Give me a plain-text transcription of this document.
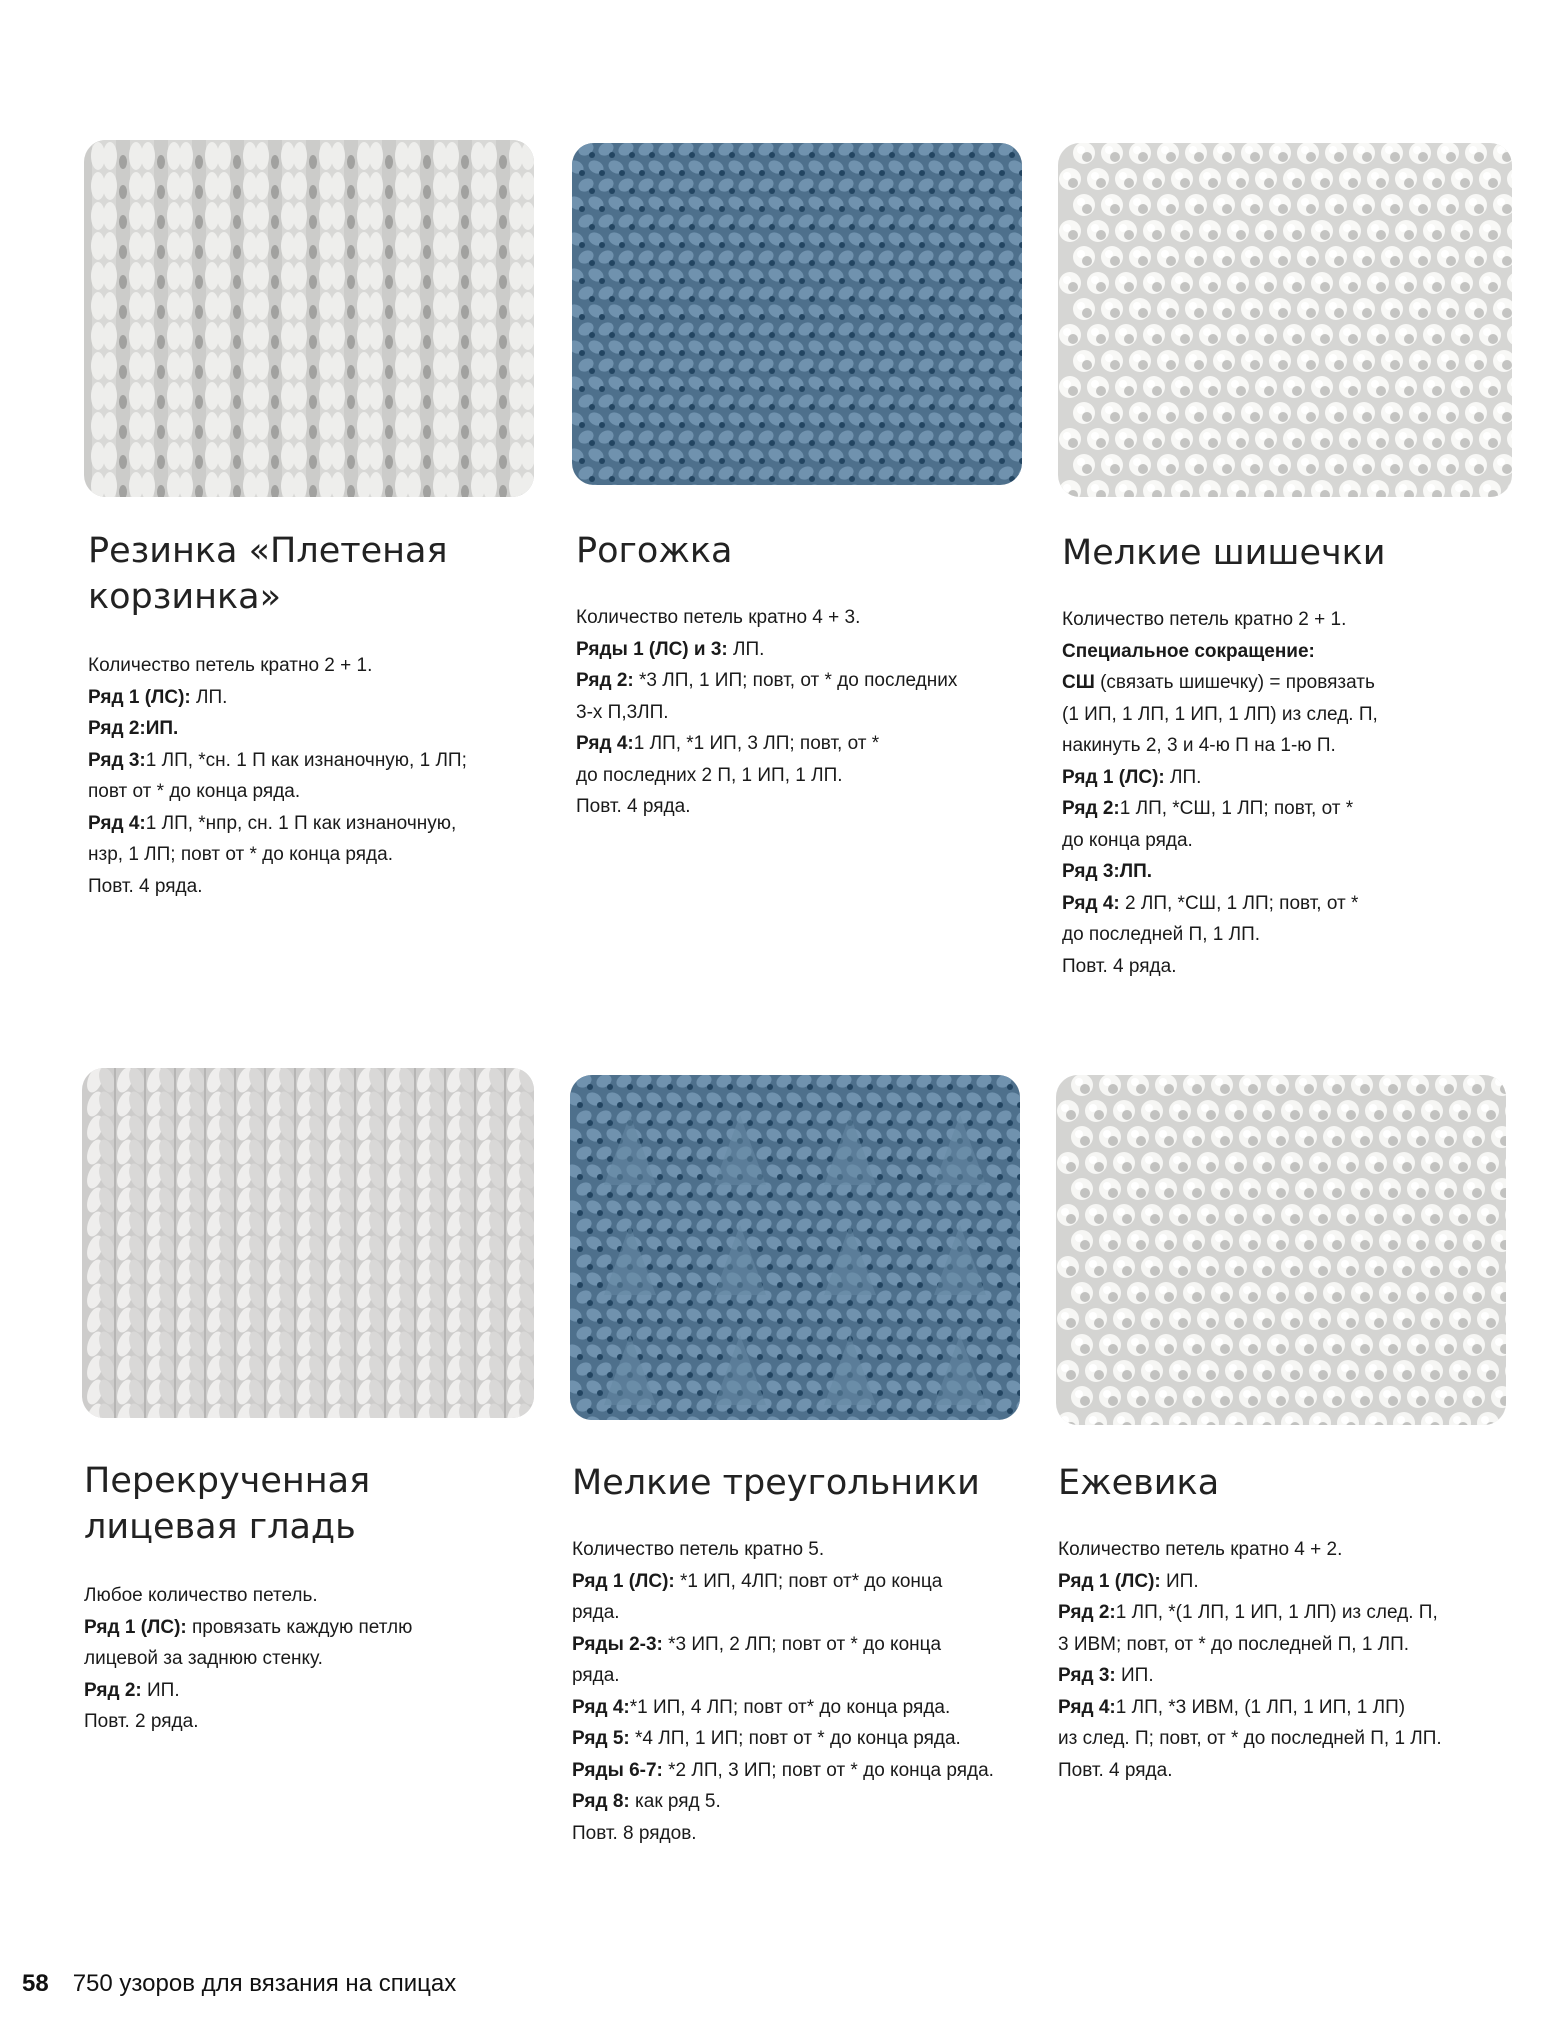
Резинка «Плетеная
корзинка»

Количество петель кратно 2 + 1.

Ряд 1 (ЛС): ЛП.

Ряд 2:ИП.

Ряд 3:1 ЛП, *сн. 1 П как изнаночную, 1 ЛП;

повт от * до конца ряда.

Ряд 4:1 ЛП, *нпр, сн. 1 П как изнаночную,

нзр, 1 ЛП; повт от * до конца ряда.

Повт. 4 ряда.

Рогожка

Количество петель кратно 4 + 3.

Ряды 1 (ЛС) и 3: ЛП.

Ряд 2: *3 ЛП, 1 ИП; повт, от * до последних

3-х П,3ЛП.

Ряд 4:1 ЛП, *1 ИП, 3 ЛП; повт, от *

до последних 2 П, 1 ИП, 1 ЛП.

Повт. 4 ряда.

Мелкие шишечки

Количество петель кратно 2 + 1.

Специальное сокращение:

СШ (связать шишечку) = провязать

(1 ИП, 1 ЛП, 1 ИП, 1 ЛП) из след. П,

накинуть 2, 3 и 4-ю П на 1-ю П.

Ряд 1 (ЛС): ЛП.

Ряд 2:1 ЛП, *СШ, 1 ЛП; повт, от *

до конца ряда.

Ряд 3:ЛП.

Ряд 4: 2 ЛП, *СШ, 1 ЛП; повт, от *

до последней П, 1 ЛП.

Повт. 4 ряда.

Перекрученная
лицевая гладь

Любое количество петель.

Ряд 1 (ЛС): провязать каждую петлю

лицевой за заднюю стенку.

Ряд 2: ИП.

Повт. 2 ряда.

Мелкие треугольники

Количество петель кратно 5.

Ряд 1 (ЛС): *1 ИП, 4ЛП; повт от* до конца

ряда.

Ряды 2-3: *3 ИП, 2 ЛП; повт от * до конца

ряда.

Ряд 4:*1 ИП, 4 ЛП; повт от* до конца ряда.

Ряд 5: *4 ЛП, 1 ИП; повт от * до конца ряда.

Ряды 6-7: *2 ЛП, 3 ИП; повт от * до конца ряда.

Ряд 8: как ряд 5.

Повт. 8 рядов.

Ежевика

Количество петель кратно 4 + 2.

Ряд 1 (ЛС): ИП.

Ряд 2:1 ЛП, *(1 ЛП, 1 ИП, 1 ЛП) из след. П,

3 ИВМ; повт, от * до последней П, 1 ЛП.

Ряд 3: ИП.

Ряд 4:1 ЛП, *3 ИВМ, (1 ЛП, 1 ИП, 1 ЛП)

из след. П; повт, от * до последней П, 1 ЛП.

Повт. 4 ряда.

58 750 узоров для вязания на спицах
